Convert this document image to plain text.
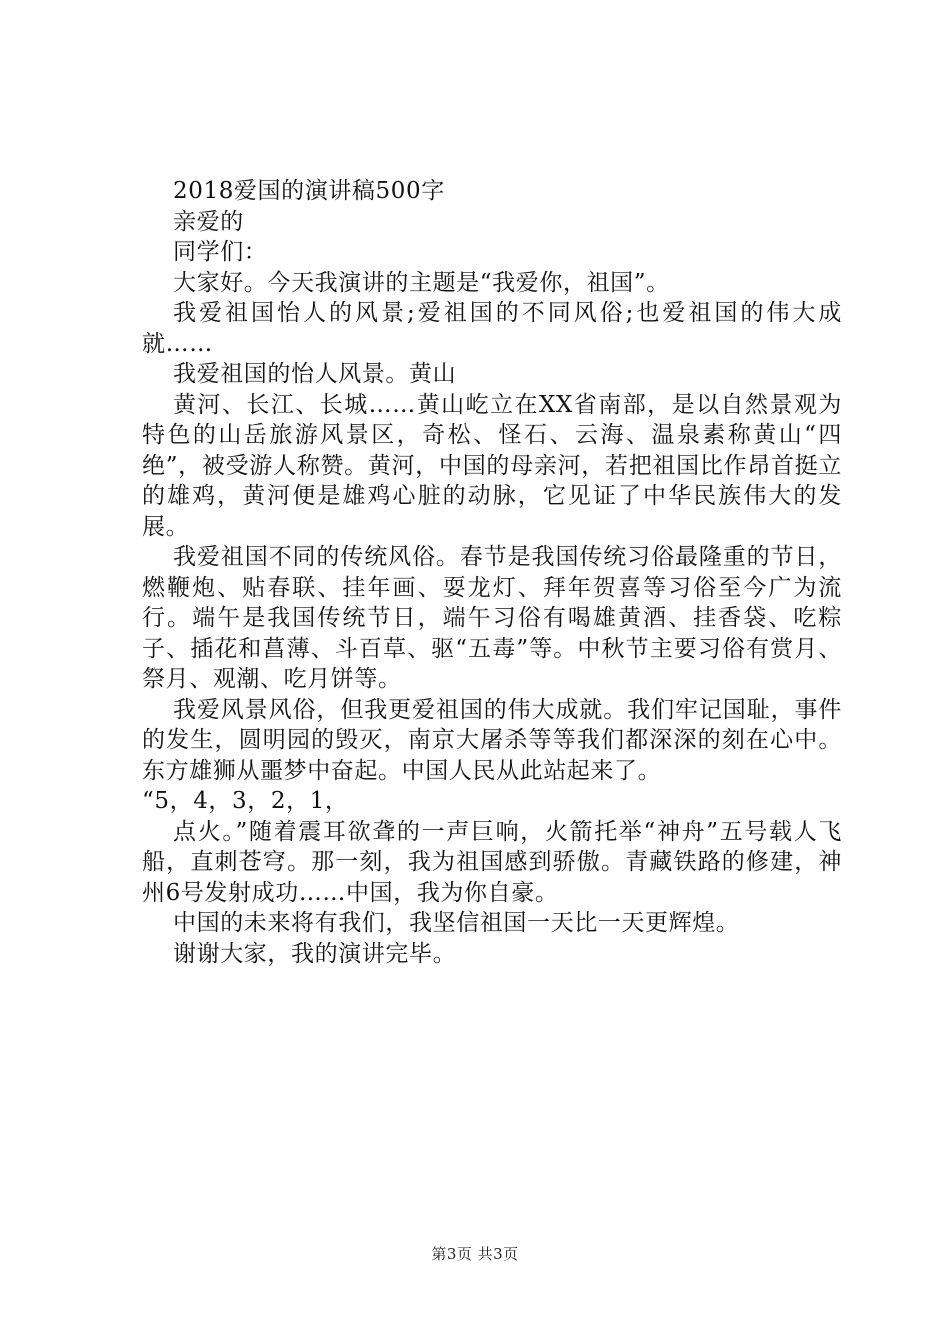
2018爱国的演讲稿500字

亲爱的

同学们：

大家好。今天我演讲的主题是“我爱你，祖国”。

我爱祖国怡人的风景;爱祖国的不同风俗;也爱祖国的伟大成就……

我爱祖国的怡人风景。黄山

黄河、长江、长城……黄山屹立在XX省南部，是以自然景观为特色的山岳旅游风景区，奇松、怪石、云海、温泉素称黄山“四绝”，被受游人称赞。黄河，中国的母亲河，若把祖国比作昂首挺立的雄鸡，黄河便是雄鸡心脏的动脉，它见证了中华民族伟大的发展。

我爱祖国不同的传统风俗。春节是我国传统习俗最隆重的节日，燃鞭炮、贴春联、挂年画、耍龙灯、拜年贺喜等习俗至今广为流行。端午是我国传统节日，端午习俗有喝雄黄酒、挂香袋、吃粽子、插花和菖薄、斗百草、驱“五毒”等。中秋节主要习俗有赏月、祭月、观潮、吃月饼等。

我爱风景风俗，但我更爱祖国的伟大成就。我们牢记国耻，事件的发生，圆明园的毁灭，南京大屠杀等等我们都深深的刻在心中。东方雄狮从噩梦中奋起。中国人民从此站起来了。

“5，4，3，2，1，

点火。”随着震耳欲聋的一声巨响，火箭托举“神舟”五号载人飞船，直刺苍穹。那一刻，我为祖国感到骄傲。青藏铁路的修建，神州6号发射成功……中国，我为你自豪。

中国的未来将有我们，我坚信祖国一天比一天更辉煌。

谢谢大家，我的演讲完毕。

第3页 共3页
